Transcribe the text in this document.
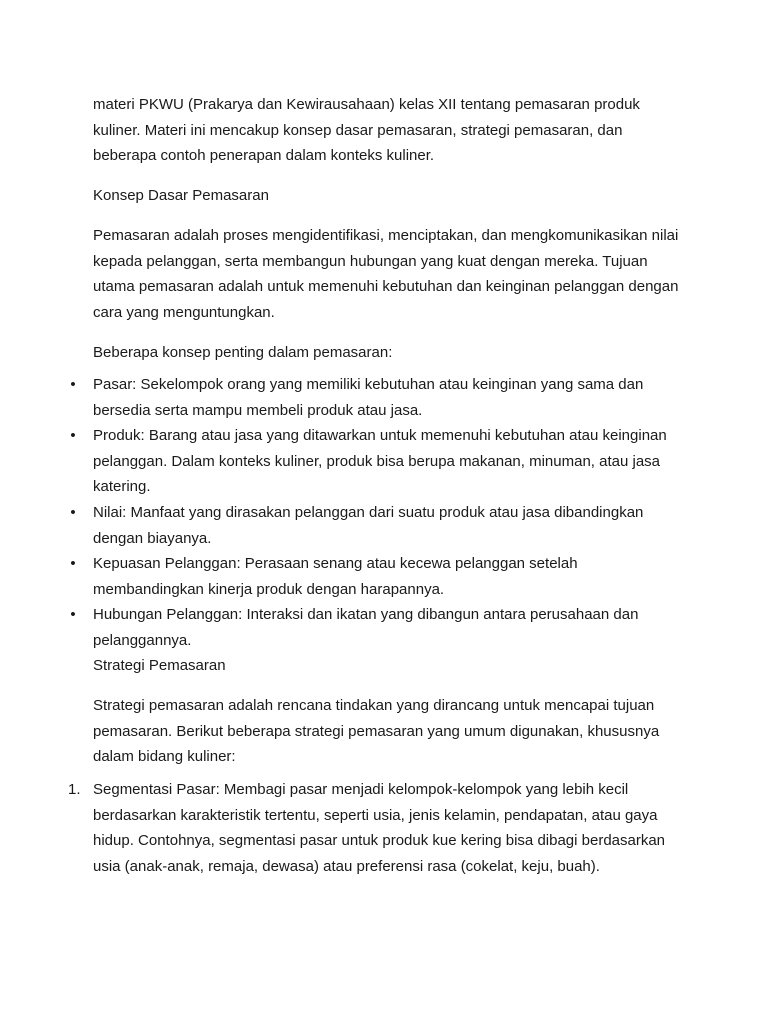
materi PKWU (Prakarya dan Kewirausahaan) kelas XII tentang pemasaran produk kuliner. Materi ini mencakup konsep dasar pemasaran, strategi pemasaran, dan beberapa contoh penerapan dalam konteks kuliner.

Konsep Dasar Pemasaran

Pemasaran adalah proses mengidentifikasi, menciptakan, dan mengkomunikasikan nilai kepada pelanggan, serta membangun hubungan yang kuat dengan mereka. Tujuan utama pemasaran adalah untuk memenuhi kebutuhan dan keinginan pelanggan dengan cara yang menguntungkan.

Beberapa konsep penting dalam pemasaran:

• Pasar: Sekelompok orang yang memiliki kebutuhan atau keinginan yang sama dan bersedia serta mampu membeli produk atau jasa.
• Produk: Barang atau jasa yang ditawarkan untuk memenuhi kebutuhan atau keinginan pelanggan. Dalam konteks kuliner, produk bisa berupa makanan, minuman, atau jasa katering.
• Nilai: Manfaat yang dirasakan pelanggan dari suatu produk atau jasa dibandingkan dengan biayanya.
• Kepuasan Pelanggan: Perasaan senang atau kecewa pelanggan setelah membandingkan kinerja produk dengan harapannya.
• Hubungan Pelanggan: Interaksi dan ikatan yang dibangun antara perusahaan dan pelanggannya.

Strategi Pemasaran

Strategi pemasaran adalah rencana tindakan yang dirancang untuk mencapai tujuan pemasaran. Berikut beberapa strategi pemasaran yang umum digunakan, khususnya dalam bidang kuliner:

1. Segmentasi Pasar: Membagi pasar menjadi kelompok-kelompok yang lebih kecil berdasarkan karakteristik tertentu, seperti usia, jenis kelamin, pendapatan, atau gaya hidup. Contohnya, segmentasi pasar untuk produk kue kering bisa dibagi berdasarkan usia (anak-anak, remaja, dewasa) atau preferensi rasa (cokelat, keju, buah).
